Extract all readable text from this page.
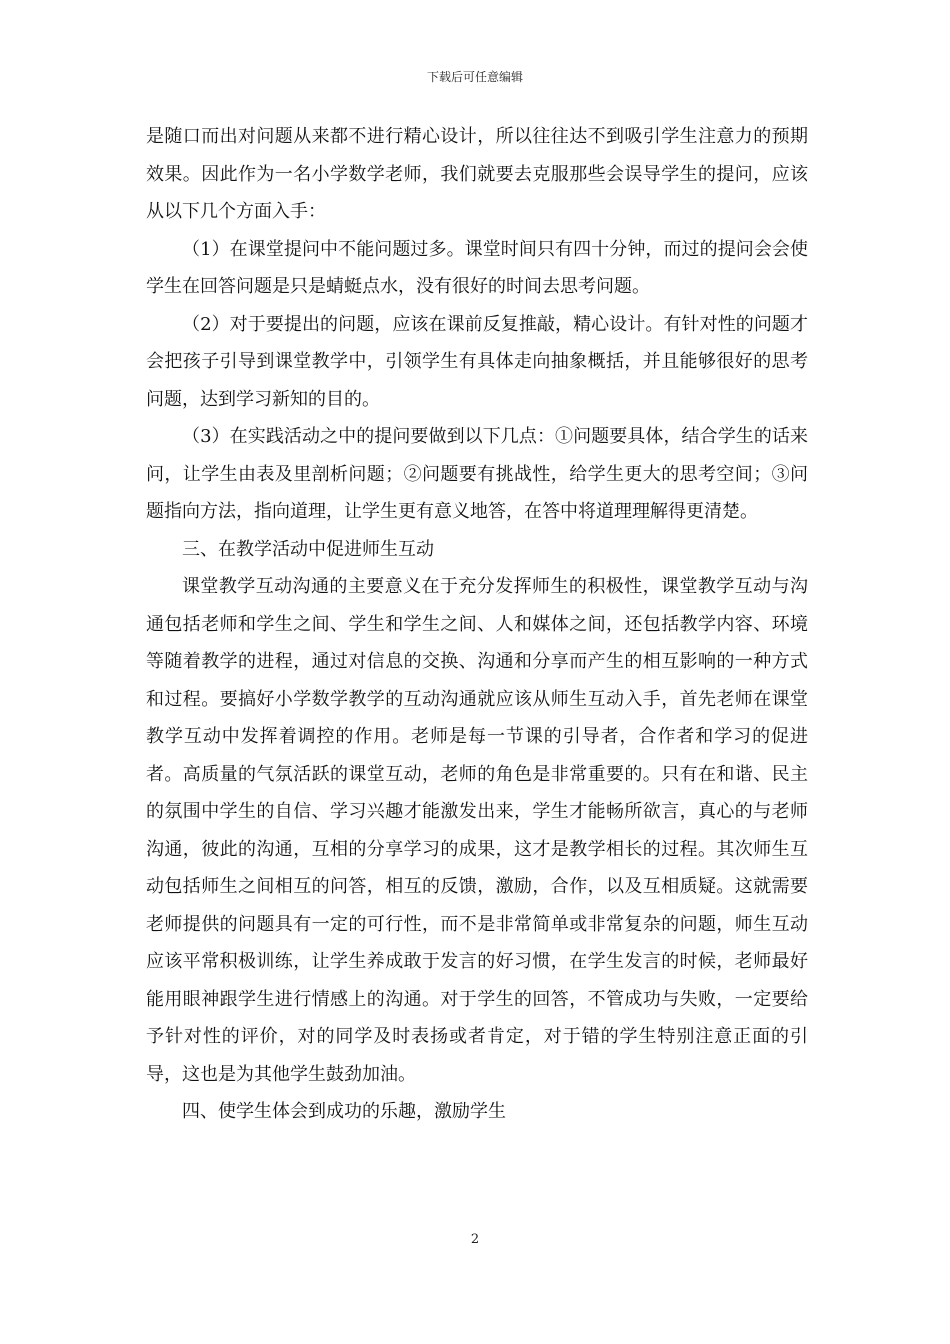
下载后可任意编辑

是随口而出对问题从来都不进行精心设计，所以往往达不到吸引学生注意力的预期效果。因此作为一名小学数学老师，我们就要去克服那些会误导学生的提问，应该从以下几个方面入手：

（1）在课堂提问中不能问题过多。课堂时间只有四十分钟，而过的提问会会使学生在回答问题是只是蜻蜓点水，没有很好的时间去思考问题。

（2）对于要提出的问题，应该在课前反复推敲，精心设计。有针对性的问题才会把孩子引导到课堂教学中，引领学生有具体走向抽象概括，并且能够很好的思考问题，达到学习新知的目的。

（3）在实践活动之中的提问要做到以下几点：①问题要具体，结合学生的话来问，让学生由表及里剖析问题；②问题要有挑战性，给学生更大的思考空间；③问题指向方法，指向道理，让学生更有意义地答，在答中将道理理解得更清楚。

三、在教学活动中促进师生互动

课堂教学互动沟通的主要意义在于充分发挥师生的积极性，课堂教学互动与沟通包括老师和学生之间、学生和学生之间、人和媒体之间，还包括教学内容、环境等随着教学的进程，通过对信息的交换、沟通和分享而产生的相互影响的一种方式和过程。要搞好小学数学教学的互动沟通就应该从师生互动入手，首先老师在课堂教学互动中发挥着调控的作用。老师是每一节课的引导者，合作者和学习的促进者。高质量的气氛活跃的课堂互动，老师的角色是非常重要的。只有在和谐、民主的氛围中学生的自信、学习兴趣才能激发出来，学生才能畅所欲言，真心的与老师沟通，彼此的沟通，互相的分享学习的成果，这才是教学相长的过程。其次师生互动包括师生之间相互的问答，相互的反馈，激励，合作，以及互相质疑。这就需要老师提供的问题具有一定的可行性，而不是非常简单或非常复杂的问题，师生互动应该平常积极训练，让学生养成敢于发言的好习惯，在学生发言的时候，老师最好能用眼神跟学生进行情感上的沟通。对于学生的回答，不管成功与失败，一定要给予针对性的评价，对的同学及时表扬或者肯定，对于错的学生特别注意正面的引导，这也是为其他学生鼓劲加油。

四、使学生体会到成功的乐趣，激励学生

2
